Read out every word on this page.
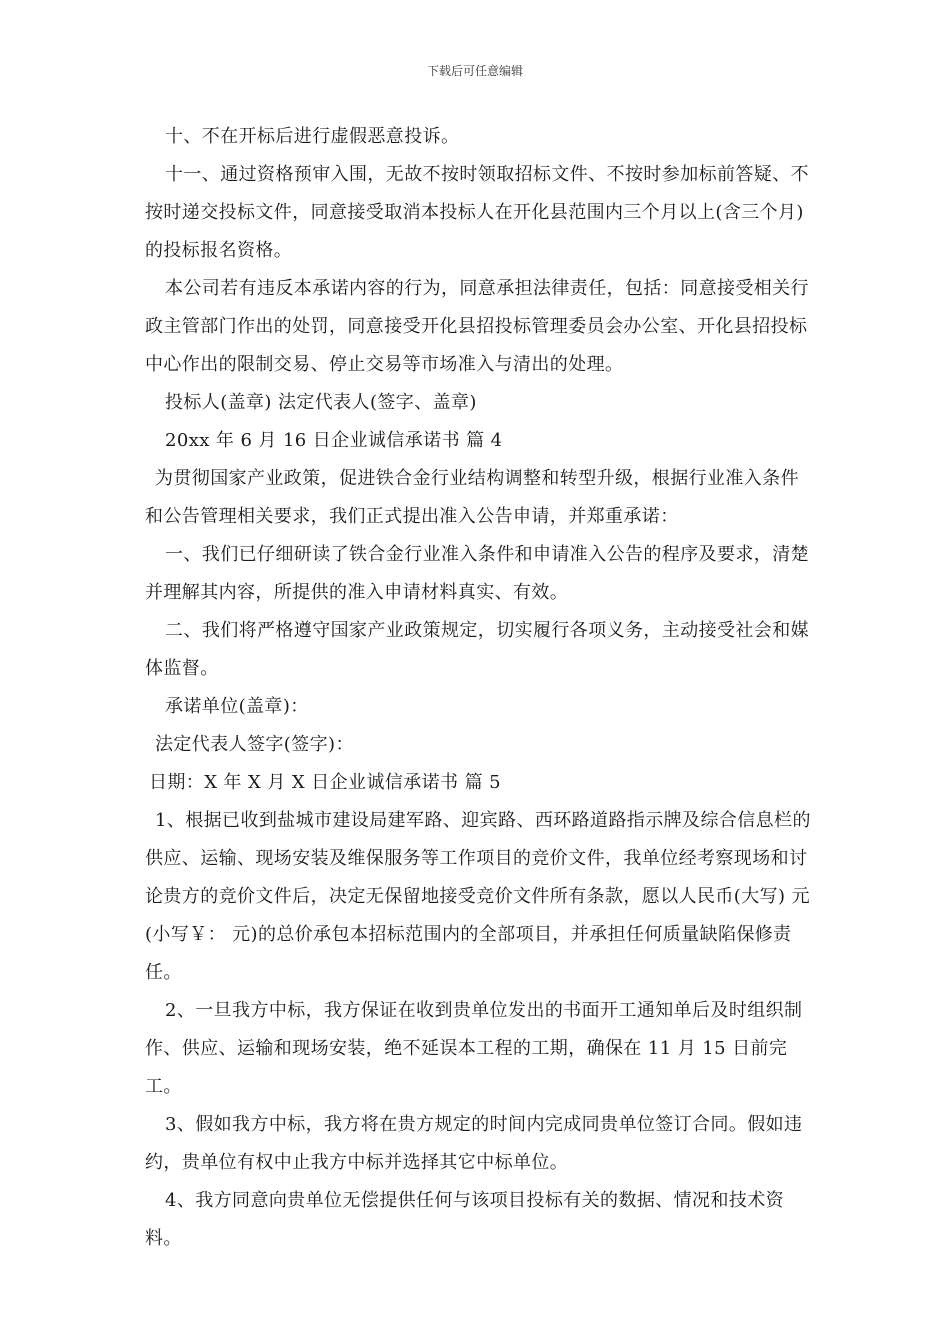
下载后可任意编辑

十、不在开标后进行虚假恶意投诉。

十一、通过资格预审入围，无故不按时领取招标文件、不按时参加标前答疑、不按时递交投标文件，同意接受取消本投标人在开化县范围内三个月以上(含三个月)的投标报名资格。

本公司若有违反本承诺内容的行为，同意承担法律责任，包括：同意接受相关行政主管部门作出的处罚，同意接受开化县招投标管理委员会办公室、开化县招投标中心作出的限制交易、停止交易等市场准入与清出的处理。

投标人(盖章) 法定代表人(签字、盖章)

20xx 年 6 月 16 日企业诚信承诺书 篇 4

为贯彻国家产业政策，促进铁合金行业结构调整和转型升级，根据行业准入条件和公告管理相关要求，我们正式提出准入公告申请，并郑重承诺：

一、我们已仔细研读了铁合金行业准入条件和申请准入公告的程序及要求，清楚并理解其内容，所提供的准入申请材料真实、有效。

二、我们将严格遵守国家产业政策规定，切实履行各项义务，主动接受社会和媒体监督。

承诺单位(盖章)：

法定代表人签字(签字)：

日期：X 年 X 月 X 日企业诚信承诺书 篇 5

1、根据已收到盐城市建设局建军路、迎宾路、西环路道路指示牌及综合信息栏的供应、运输、现场安装及维保服务等工作项目的竞价文件，我单位经考察现场和讨论贵方的竞价文件后，决定无保留地接受竞价文件所有条款，愿以人民币(大写) 元(小写￥： 元)的总价承包本招标范围内的全部项目，并承担任何质量缺陷保修责任。

2、一旦我方中标，我方保证在收到贵单位发出的书面开工通知单后及时组织制作、供应、运输和现场安装，绝不延误本工程的工期，确保在 11 月 15 日前完工。

3、假如我方中标，我方将在贵方规定的时间内完成同贵单位签订合同。假如违约，贵单位有权中止我方中标并选择其它中标单位。

4、我方同意向贵单位无偿提供任何与该项目投标有关的数据、情况和技术资料。
